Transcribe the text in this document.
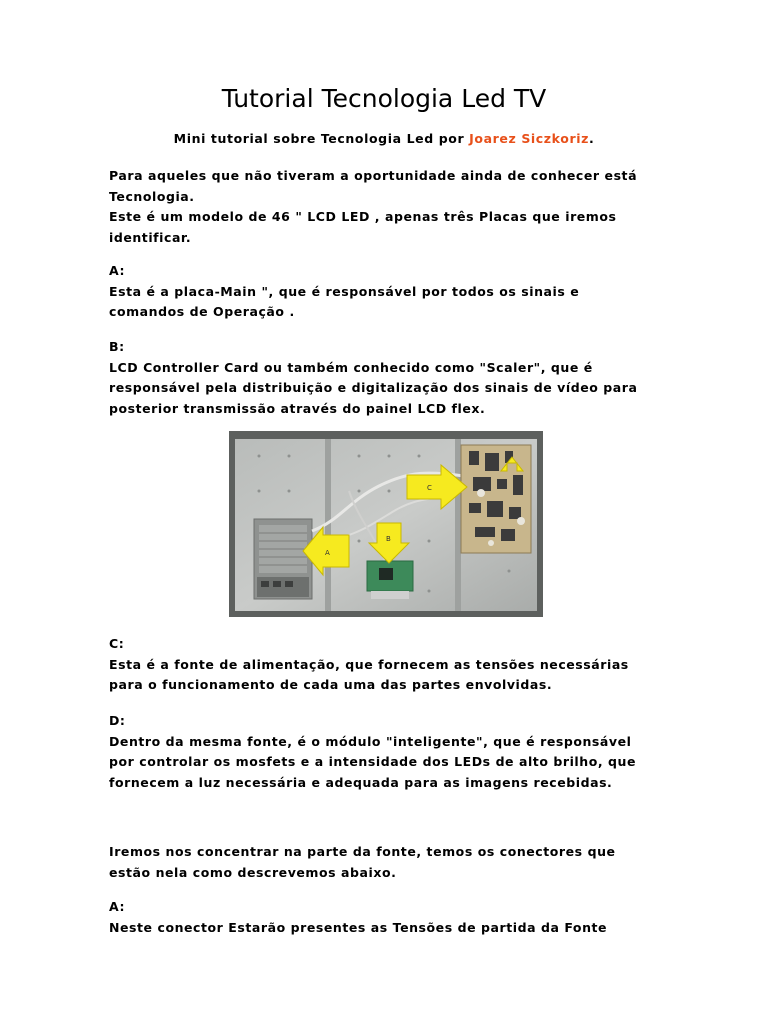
Tutorial Tecnologia Led TV
Mini tutorial sobre Tecnologia Led por Joarez Siczkoriz.
Para aqueles que não tiveram a oportunidade ainda de conhecer está
Tecnologia.
Este é um modelo de 46 " LCD LED , apenas três Placas que iremos
identificar.
A:
Esta é a placa-Main ", que é responsável por todos os sinais e
comandos de Operação .
B:
LCD Controller Card ou também conhecido como "Scaler", que é
responsável pela distribuição e digitalização dos sinais de vídeo para
posterior transmissão através do painel LCD flex.
A
B
C
C:
Esta é a fonte de alimentação, que fornecem as tensões necessárias
para o funcionamento de cada uma das partes envolvidas.
D:
Dentro da mesma fonte, é o módulo "inteligente", que é responsável
por controlar os mosfets e a intensidade dos LEDs de alto brilho, que
fornecem a luz necessária e adequada para as imagens recebidas.
Iremos nos concentrar na parte da fonte, temos os conectores que
estão nela como descrevemos abaixo.
A:
Neste conector Estarão presentes as Tensões de partida da Fonte
